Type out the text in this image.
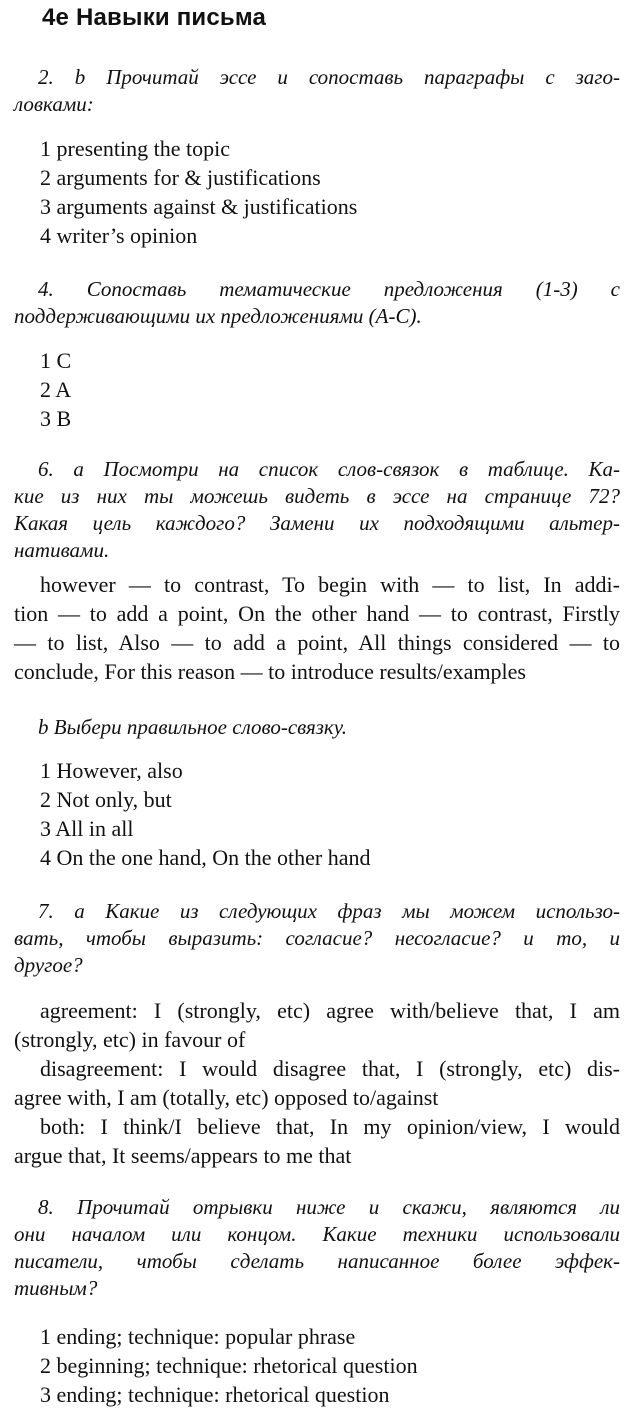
4e Навыки письма
2. b Прочитай эссе и сопоставь параграфы с заго-
ловками:
1 presenting the topic
2 arguments for & justifications
3 arguments against & justifications
4 writer’s opinion
4. Сопоставь тематические предложения (1-3) с
поддерживающими их предложениями (A-C).
1 C
2 A
3 B
6. а Посмотри на список слов-связок в таблице. Ка-
кие из них ты можешь видеть в эссе на странице 72?
Какая цель каждого? Замени их подходящими альтер-
нативами.
however — to contrast, To begin with — to list, In addi-
tion — to add a point, On the other hand — to contrast, Firstly
— to list, Also — to add a point, All things considered — to
conclude, For this reason — to introduce results/examples
b Выбери правильное слово-связку.
1 However, also
2 Not only, but
3 All in all
4 On the one hand, On the other hand
7. а Какие из следующих фраз мы можем использо-
вать, чтобы выразить: согласие? несогласие? и то, и
другое?
agreement: I (strongly, etc) agree with/believe that, I am
(strongly, etc) in favour of
disagreement: I would disagree that, I (strongly, etc) dis-
agree with, I am (totally, etc) opposed to/against
both: I think/I believe that, In my opinion/view, I would
argue that, It seems/appears to me that
8. Прочитай отрывки ниже и скажи, являются ли
они началом или концом. Какие техники использовали
писатели, чтобы сделать написанное более эффек-
тивным?
1 ending; technique: popular phrase
2 beginning; technique: rhetorical question
3 ending; technique: rhetorical question
